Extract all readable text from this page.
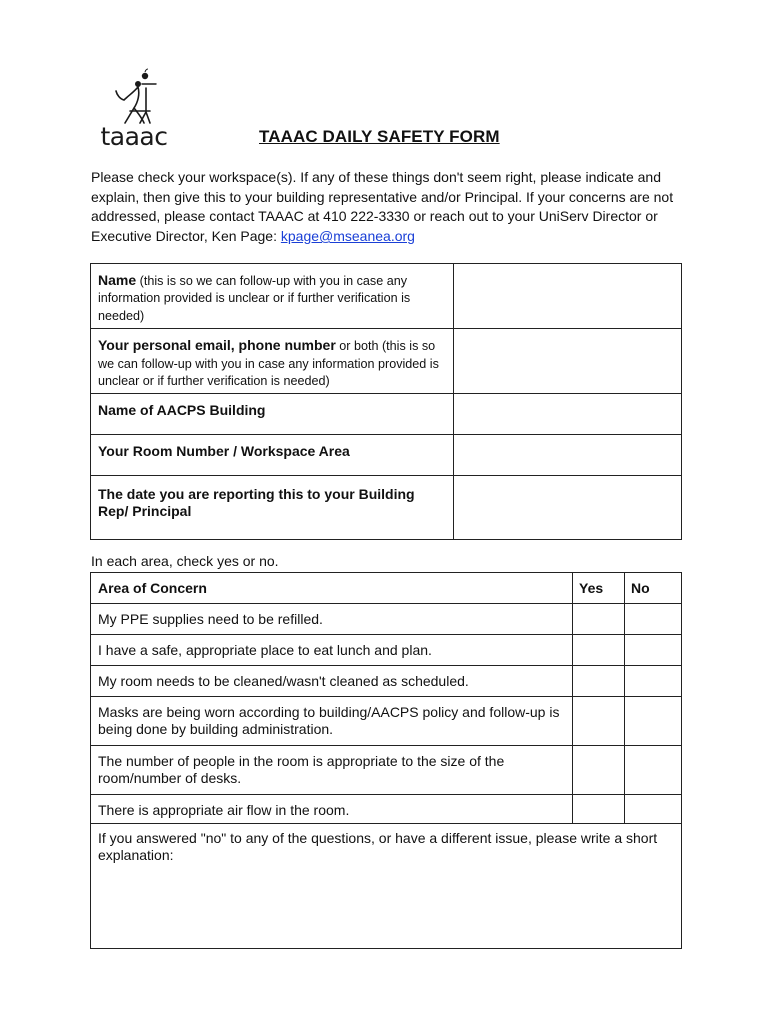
taaac	TAAAC DAILY SAFETY FORM
Please check your workspace(s). If any of these things don't seem right, please indicate and explain, then give this to your building representative and/or Principal. If your concerns are not addressed, please contact TAAAC at 410 222-3330 or reach out to your UniServ Director or Executive Director, Ken Page: kpage@mseanea.org
Name (this is so we can follow-up with you in case any information provided is unclear or if further verification is needed)	
Your personal email, phone number or both (this is so we can follow-up with you in case any information provided is unclear or if further verification is needed)	
Name of AACPS Building	
Your Room Number / Workspace Area	
The date you are reporting this to your Building Rep/ Principal	
In each area, check yes or no.
Area of Concern	Yes	No
My PPE supplies need to be refilled.		
I have a safe, appropriate place to eat lunch and plan.		
My room needs to be cleaned/wasn't cleaned as scheduled.		
Masks are being worn according to building/AACPS policy and follow-up is being done by building administration.		
The number of people in the room is appropriate to the size of the room/number of desks.		
There is appropriate air flow in the room.		
If you answered "no" to any of the questions, or have a different issue, please write a short explanation:		
